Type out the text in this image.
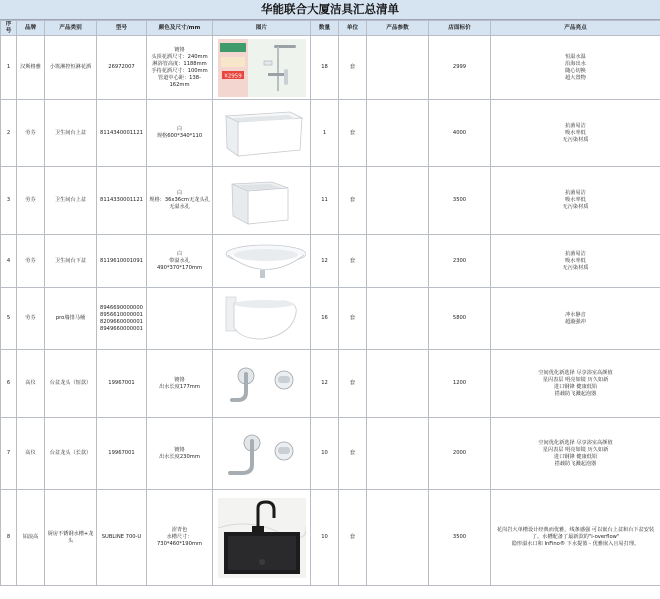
华能联合大厦洁具汇总清单
序号	品牌	产品类别	型号	颜色及尺寸/mm	图片	数量	单位	产品参数	店面标价	产品亮点
1	汉斯格雅	小筑淋控恒淋花洒	26972007	镀铬
头顶花洒尺寸：240mm
淋浴管高度：1188mm
手持花洒尺寸：100mm
管道中心距：138-162mm	¥2959	18	套		2999	恒温水温
沿海出水
随心切换
超大置物
2	劳芬	卫生间台上盆	8114340001121	白
规格600*340*110		1	套		4000	抗菌易洁
吸水率低
无污染材质
3	劳芬	卫生间台上盆	8114330001121	白
规格：36x36cm无龙头孔无溢水孔		11	套		3500	抗菌易洁
吸水率低
无污染材质
4	劳芬	卫生间台下盆	8119610001091	白
带溢水孔490*370*170mm		12	套		2300	抗菌易洁
吸水率低
无污染材质
5	劳芬	pro墙排马桶	8946690000000
8956610000001
8209660000001
8949660000001			16	套		5800	冲水静音
超漩强冲
6	高仪	台盆龙头（短款）	19967001	镀铬
出水长度177mm		12	套		1200	空间优化新选择 尽享浴室高颜值
星闪表层 明亮如镜 历久如新
进口钢锋 健康低铅
搭载防飞溅起泡器
7	高仪	台盆龙头（长款）	19967001	镀铬
出水长度230mm		10	套		2000	空间优化新选择 尽享浴室高颜值
星闪表层 明亮如镜 历久如新
进口钢锋 健康低铅
搭载防飞溅起泡器
8	铂浪高	厨房不锈钢水槽+龙头	SUBLINE 700-U	涩青色
水槽尺寸：730*460*190mm		10	套		3500	花岗岩大单槽设计经典而优雅，线条感强 可以嵌台上盆和台下盆安装了。水槽配备了最新款的"i-overflow"
隐形溢水口和 InFino® 下水提篮 - 优雅嵌入且易打理。
